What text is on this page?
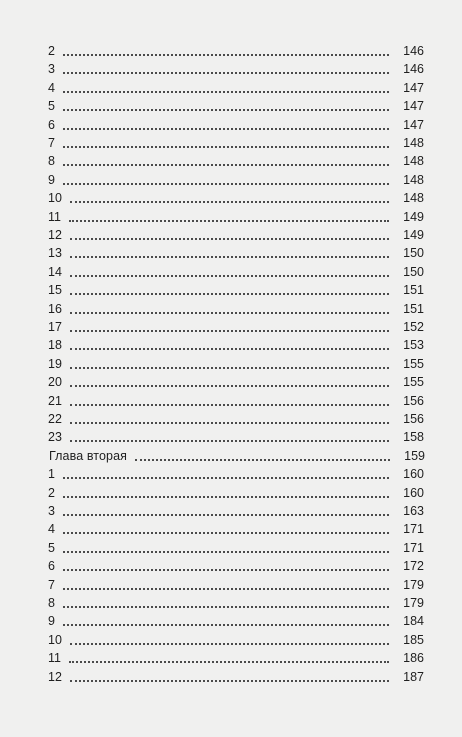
2	146
3	146
4	147
5	147
6	147
7	148
8	148
9	148
10	148
11	149
12	149
13	150
14	150
15	151
16	151
17	152
18	153
19	155
20	155
21	156
22	156
23	158
Глава вторая	159
1	160
2	160
3	163
4	171
5	171
6	172
7	179
8	179
9	184
10	185
11	186
12	187
